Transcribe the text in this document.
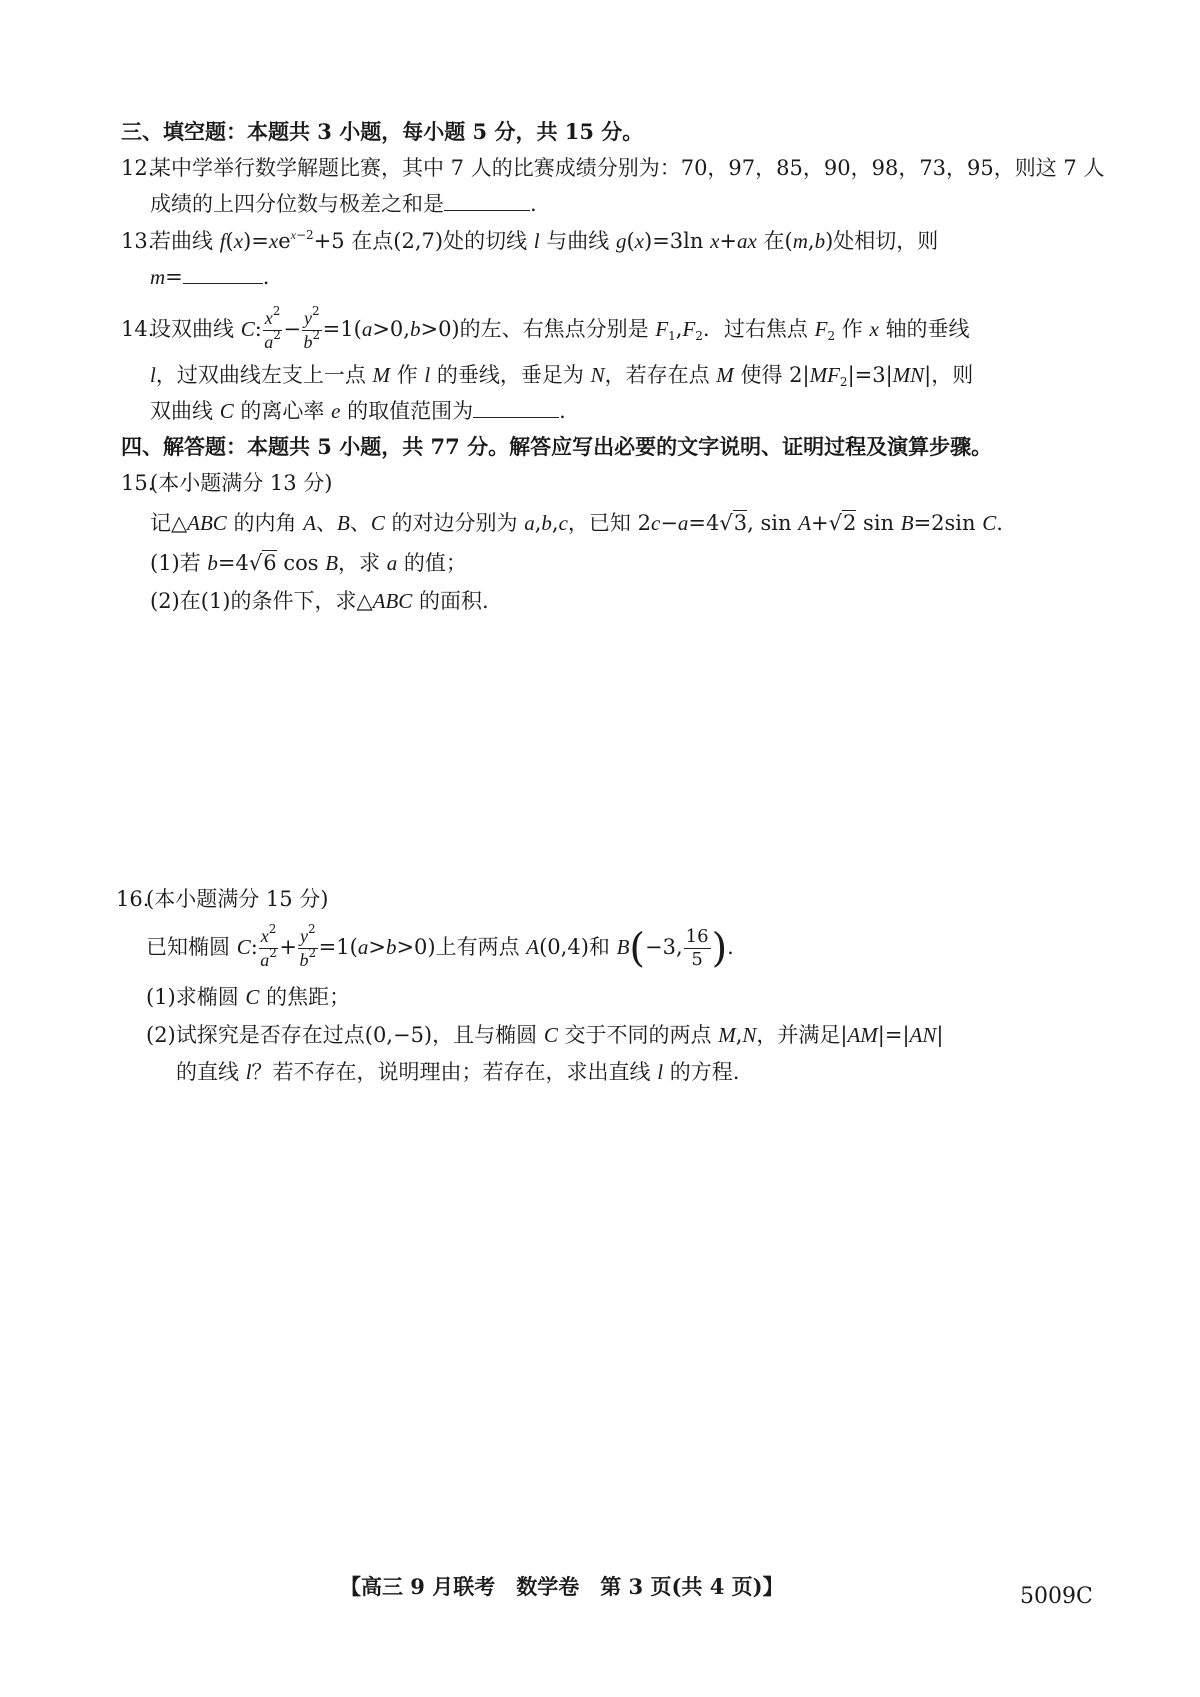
三、填空题：本题共 3 小题，每小题 5 分，共 15 分。
12.
某中学举行数学解题比赛，其中 7 人的比赛成绩分别为：70，97，85，90，98，73，95，则这 7 人
成绩的上四分位数与极差之和是	.
13.
若曲线 $f(x)=xe^{x-2}+5$ 在点(2,7)处的切线 l 与曲线 g(x)=3ln x+ax 在(m,b)处相切，则
m=	.
14.
设双曲线 C: $\frac{x^2}{a^2} - \frac{y^2}{b^2} =1(a>0,b>0)$的左、右焦点分别是 $F_1,F_2$．过右焦点 $F_2$ 作 x 轴的垂线
l，过双曲线左支上一点 M 作 l 的垂线，垂足为 N，若存在点 M 使得 $2|MF_2|=3|MN|$，则
双曲线 C 的离心率 e 的取值范围为	.
四、解答题：本题共 5 小题，共 77 分。解答应写出必要的文字说明、证明过程及演算步骤。
15.
(本小题满分 13 分)
记△ABC 的内角 A、B、C 的对边分别为 a,b,c，已知 2c−a=4√3, sin A+√2 sin B=2sin C.
(1)若 b=4√6 cos B，求 a 的值；
(2)在(1)的条件下，求△ABC 的面积.
16.
(本小题满分 15 分)
已知椭圆 C: $\frac{x^2}{a^2} + \frac{y^2}{b^2} =1(a>b>0)$上有两点 A(0,4)和 B(−3, $\frac{16}{5}$ ).
(1)求椭圆 C 的焦距；
(2)试探究是否存在过点(0,−5)，且与椭圆 C 交于不同的两点 M,N，并满足|AM|=|AN|
的直线 l？若不存在，说明理由；若存在，求出直线 l 的方程.
【高三 9 月联考　数学卷　第 3 页(共 4 页)】	5009C
